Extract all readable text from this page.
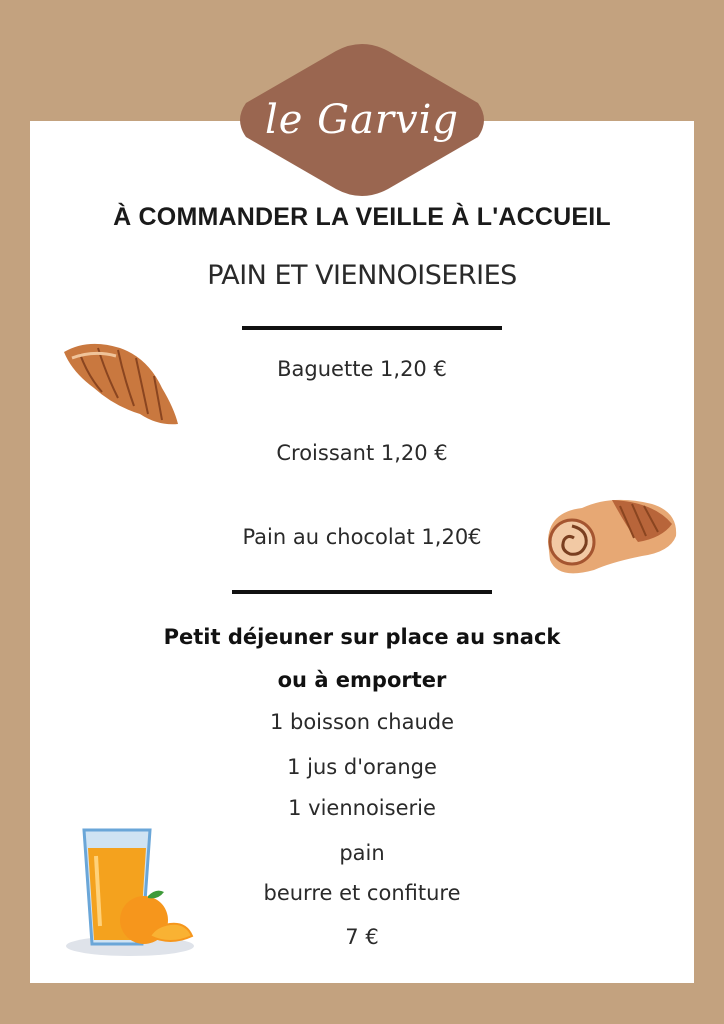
le Garvig
À COMMANDER LA VEILLE À L'ACCUEIL
PAIN ET VIENNOISERIES
Baguette 1,20 €
Croissant 1,20 €
Pain au chocolat 1,20€
Petit déjeuner sur place au snack
ou à emporter
1 boisson chaude
1 jus d'orange
1 viennoiserie
pain
beurre et confiture
7 €
